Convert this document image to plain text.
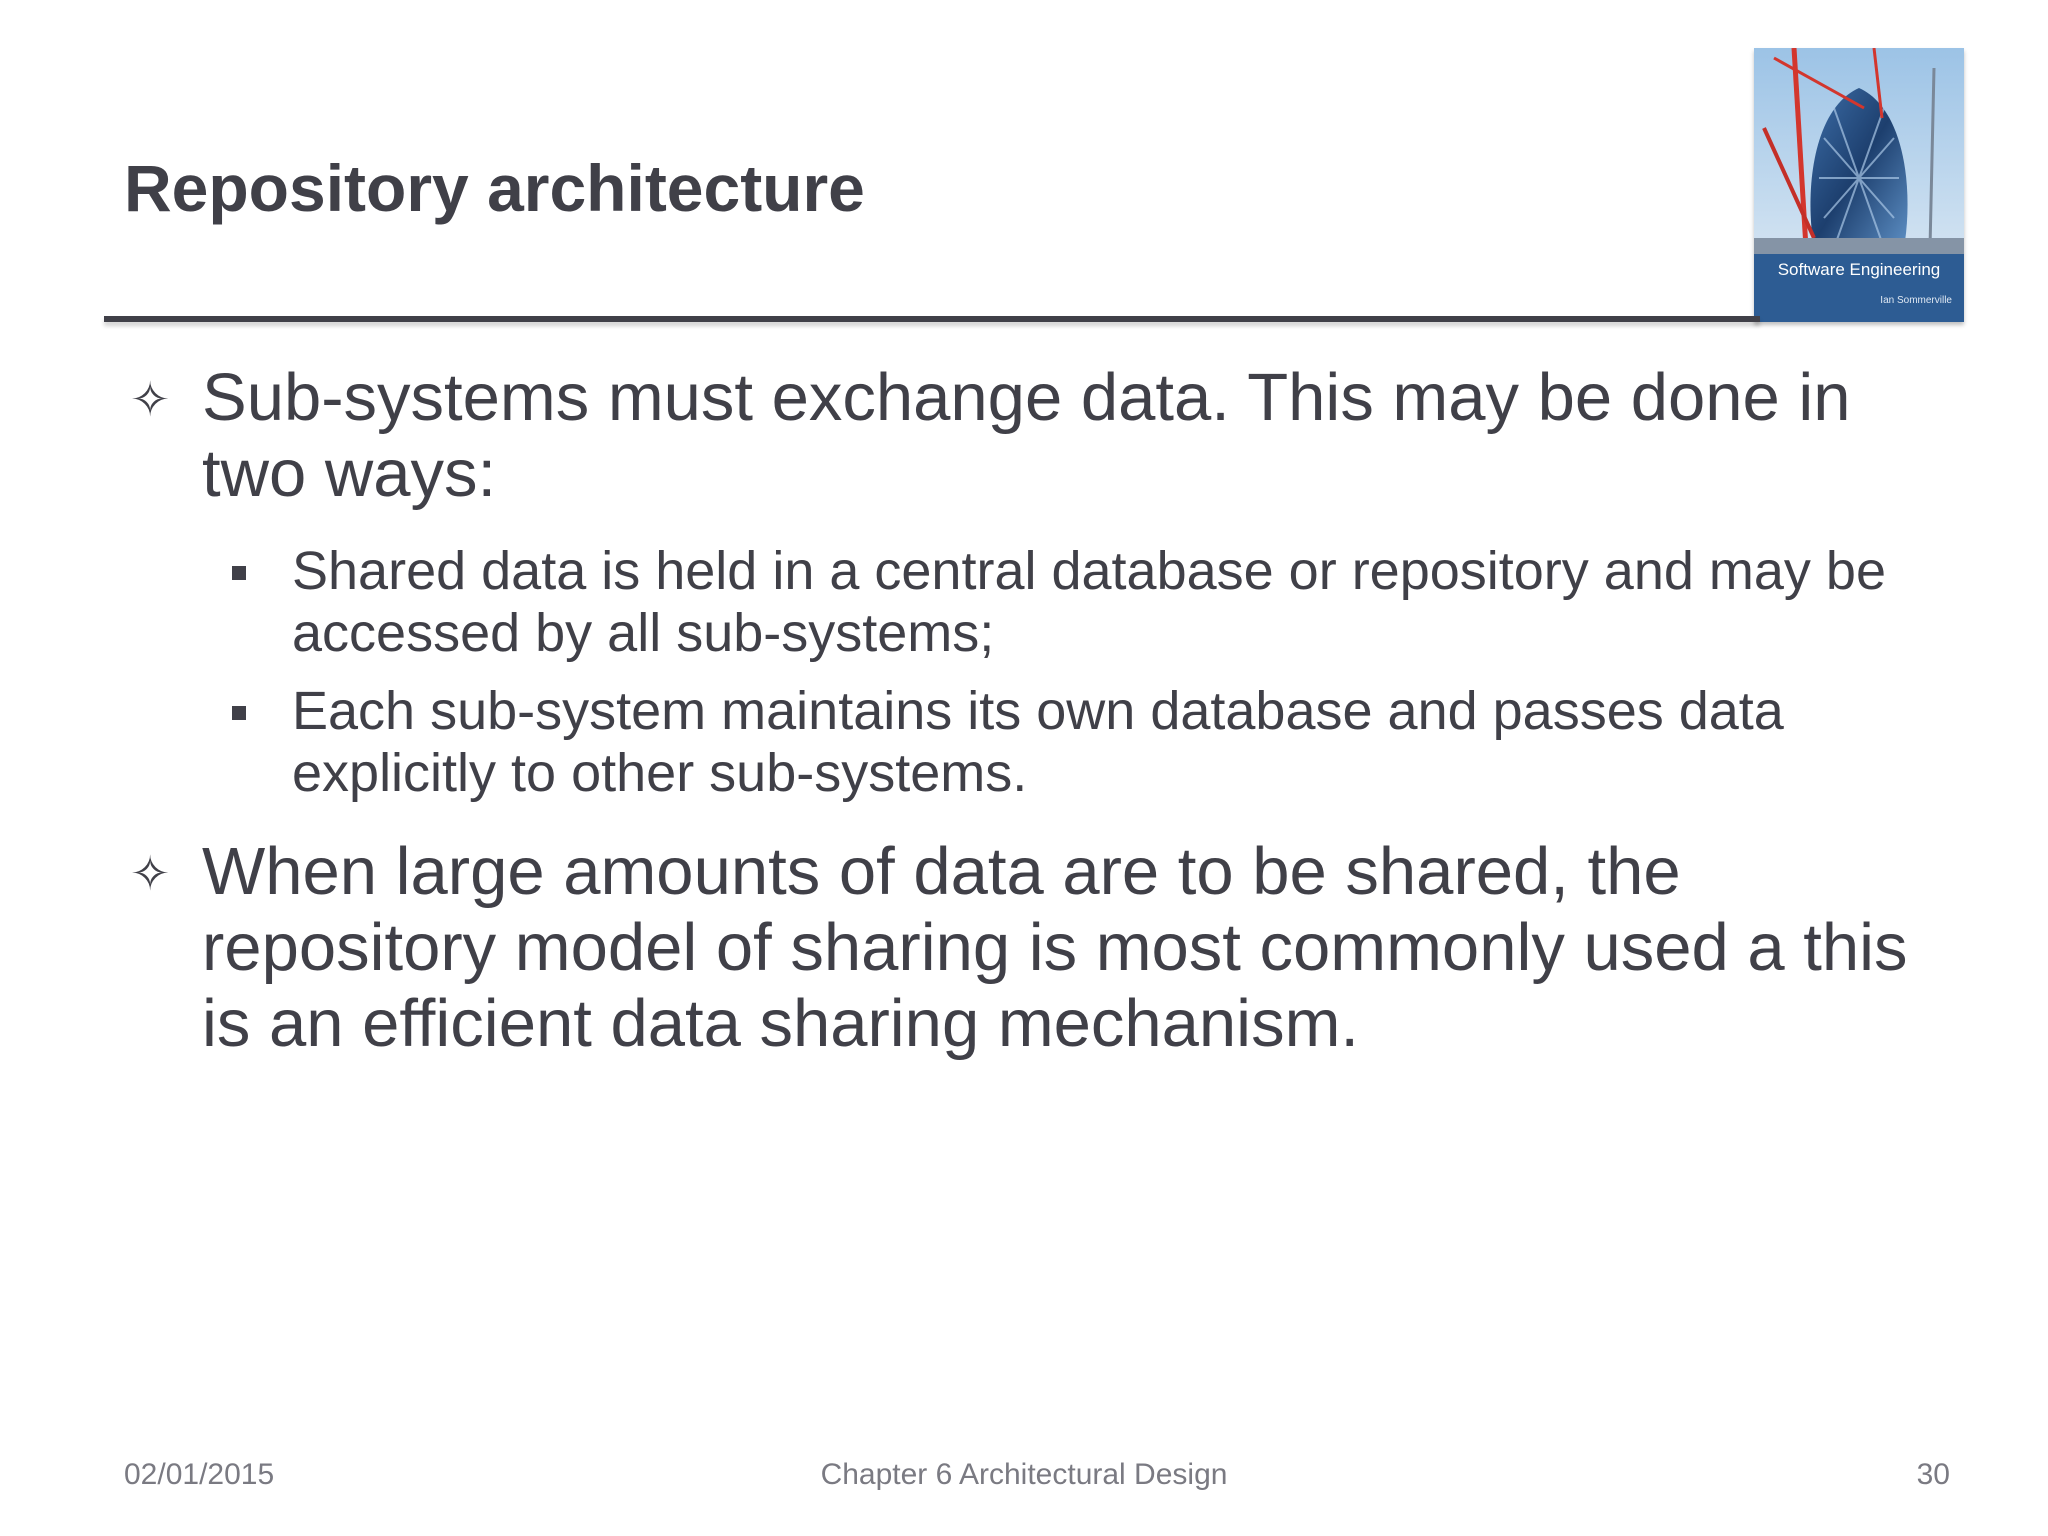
Repository architecture
Software Engineering
Ian Sommerville
✧ Sub-systems must exchange data. This may be done in two ways:
Shared data is held in a central database or repository and may be accessed by all sub-systems;
Each sub-system maintains its own database and passes data explicitly to other sub-systems.
✧ When large amounts of data are to be shared, the repository model of sharing is most commonly used a this is an efficient data sharing mechanism.
02/01/2015	Chapter 6 Architectural Design	30
